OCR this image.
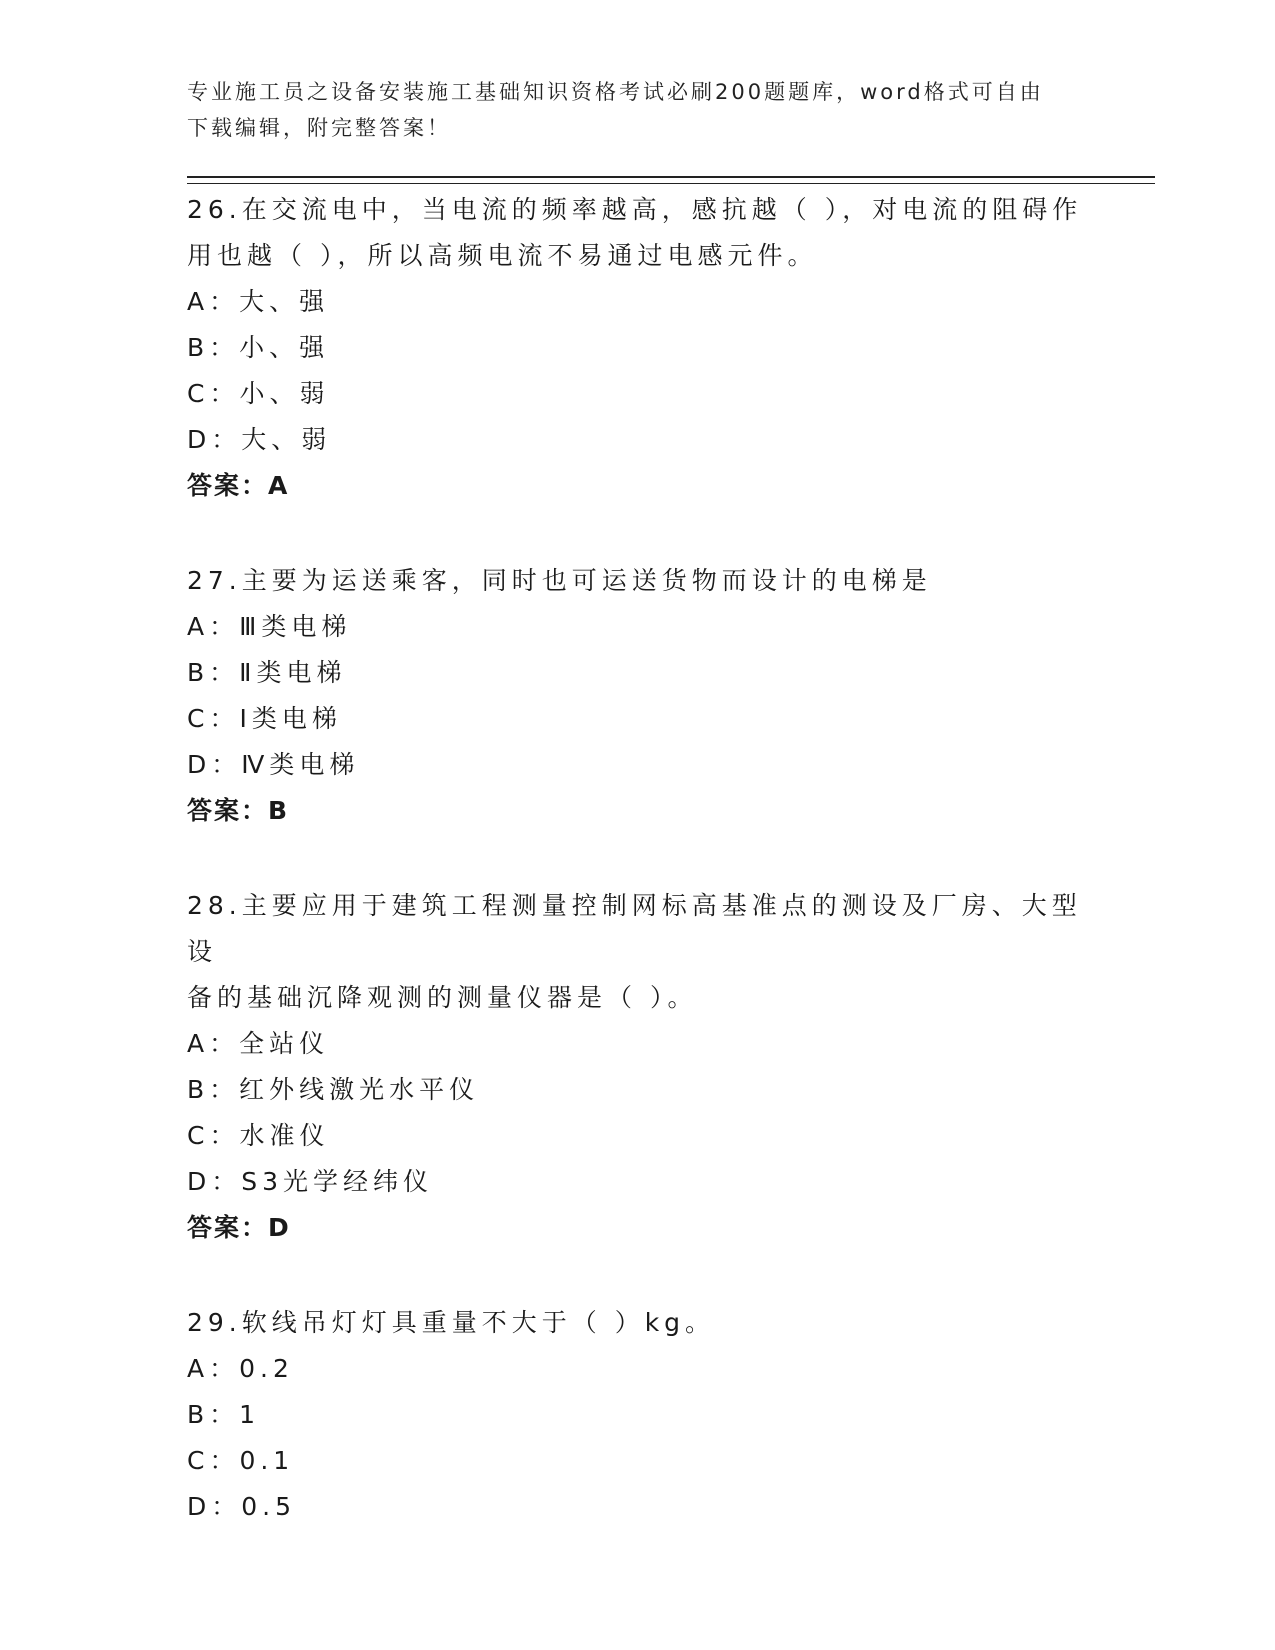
专业施工员之设备安装施工基础知识资格考试必刷200题题库，word格式可自由
下载编辑，附完整答案！

26.在交流电中，当电流的频率越高，感抗越（ ），对电流的阻碍作

用也越（ ），所以高频电流不易通过电感元件。

A：大、强
B：小、强
C：小、弱
D：大、弱

答案：A

27.主要为运送乘客，同时也可运送货物而设计的电梯是

A：Ⅲ类电梯
B：Ⅱ类电梯
C：Ⅰ类电梯
D：Ⅳ类电梯

答案：B

28.主要应用于建筑工程测量控制网标高基准点的测设及厂房、大型设

备的基础沉降观测的测量仪器是（ ）。

A：全站仪
B：红外线激光水平仪
C：水准仪
D：S3光学经纬仪

答案：D

29.软线吊灯灯具重量不大于（ ）kg。

A：0.2
B：1
C：0.1
D：0.5
